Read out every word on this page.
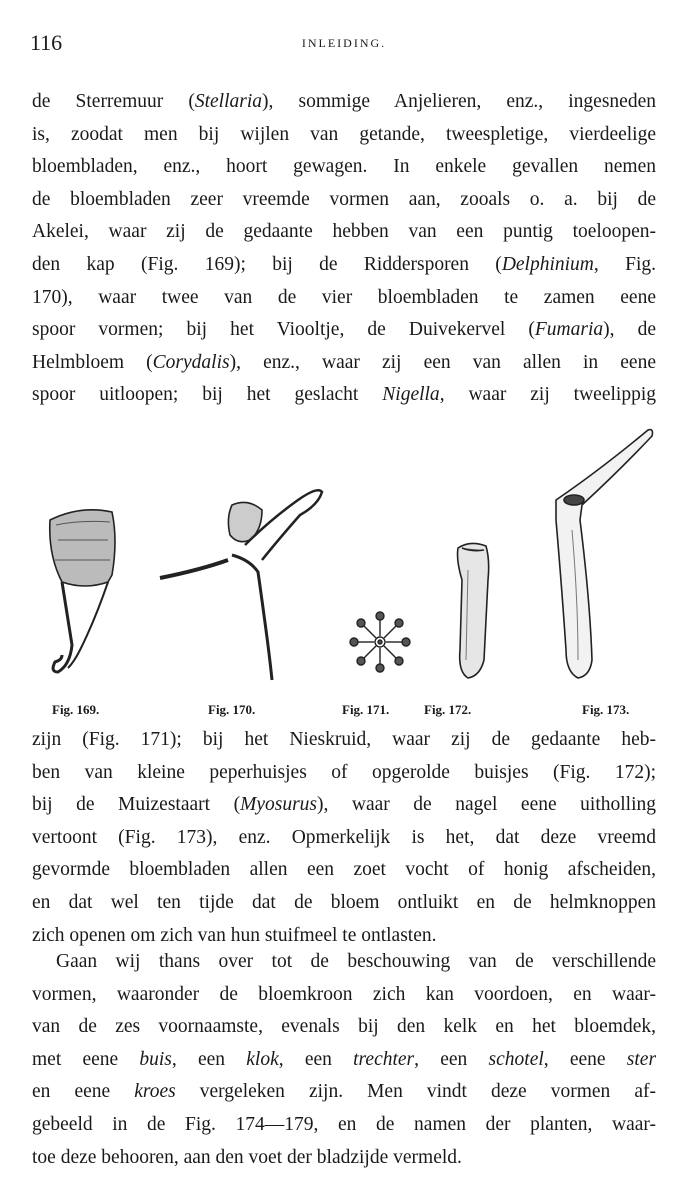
116	INLEIDING.
de Sterremuur (Stellaria), sommige Anjelieren, enz., ingesneden
is, zoodat men bij wijlen van getande, tweespletige, vierdeelige
bloembladen, enz., hoort gewagen. In enkele gevallen nemen
de bloembladen zeer vreemde vormen aan, zooals o. a. bij de
Akelei, waar zij de gedaante hebben van een puntig toeloopen-
den kap (Fig. 169); bij de Riddersporen (Delphinium, Fig.
170), waar twee van de vier bloembladen te zamen eene
spoor vormen; bij het Viooltje, de Duivekervel (Fumaria), de
Helmbloem (Corydalis), enz., waar zij een van allen in eene
spoor uitloopen; bij het geslacht Nigella, waar zij tweelippig
Fig. 169.	Fig. 170.	Fig. 171.	Fig. 172.	Fig. 173.
zijn (Fig. 171); bij het Nieskruid, waar zij de gedaante heb-
ben van kleine peperhuisjes of opgerolde buisjes (Fig. 172);
bij de Muizestaart (Myosurus), waar de nagel eene uitholling
vertoont (Fig. 173), enz. Opmerkelijk is het, dat deze vreemd
gevormde bloembladen allen een zoet vocht of honig afscheiden,
en dat wel ten tijde dat de bloem ontluikt en de helmknoppen
zich openen om zich van hun stuifmeel te ontlasten.
Gaan wij thans over tot de beschouwing van de verschillende
vormen, waaronder de bloemkroon zich kan voordoen, en waar-
van de zes voornaamste, evenals bij den kelk en het bloemdek,
met eene buis, een klok, een trechter, een schotel, eene ster
en eene kroes vergeleken zijn. Men vindt deze vormen af-
gebeeld in de Fig. 174—179, en de namen der planten, waar-
toe deze behooren, aan den voet der bladzijde vermeld.
